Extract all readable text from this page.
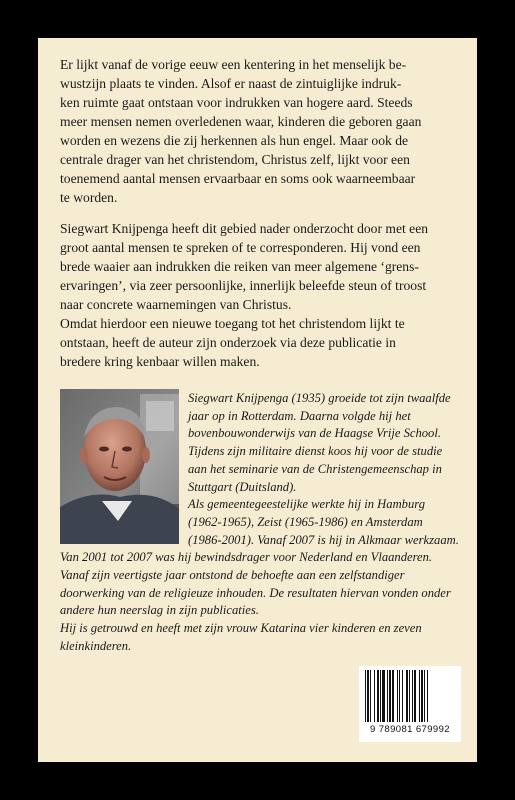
Er lijkt vanaf de vorige eeuw een kentering in het menselijk be-
wustzijn plaats te vinden. Alsof er naast de zintuiglijke indruk-
ken ruimte gaat ontstaan voor indrukken van hogere aard. Steeds
meer mensen nemen overledenen waar, kinderen die geboren gaan
worden en wezens die zij herkennen als hun engel. Maar ook de
centrale drager van het christendom, Christus zelf, lijkt voor een
toenemend aantal mensen ervaarbaar en soms ook waarneembaar
te worden.

Siegwart Knijpenga heeft dit gebied nader onderzocht door met een
groot aantal mensen te spreken of te corresponderen. Hij vond een
brede waaier aan indrukken die reiken van meer algemene ‘grens-
ervaringen’, via zeer persoonlijke, innerlijk beleefde steun of troost
naar concrete waarnemingen van Christus.

Omdat hierdoor een nieuwe toegang tot het christendom lijkt te
ontstaan, heeft de auteur zijn onderzoek via deze publicatie in
bredere kring kenbaar willen maken.

Siegwart Knijpenga (1935) groeide tot zijn twaalfde
jaar op in Rotterdam. Daarna volgde hij het
bovenbouwonderwijs van de Haagse Vrije School.
Tijdens zijn militaire dienst koos hij voor de studie
aan het seminarie van de Christengemeenschap in
Stuttgart (Duitsland).
Als gemeentegeestelijke werkte hij in Hamburg
(1962-1965), Zeist (1965-1986) en Amsterdam
(1986-2001). Vanaf 2007 is hij in Alkmaar werkzaam.
Van 2001 tot 2007 was hij bewindsdrager voor Nederland en Vlaanderen.
Vanaf zijn veertigste jaar ontstond de behoefte aan een zelfstandiger
doorwerking van de religieuze inhouden. De resultaten hiervan vonden onder
andere hun neerslag in zijn publicaties.
Hij is getrouwd en heeft met zijn vrouw Katarina vier kinderen en zeven
kleinkinderen.
9 789081 679992
